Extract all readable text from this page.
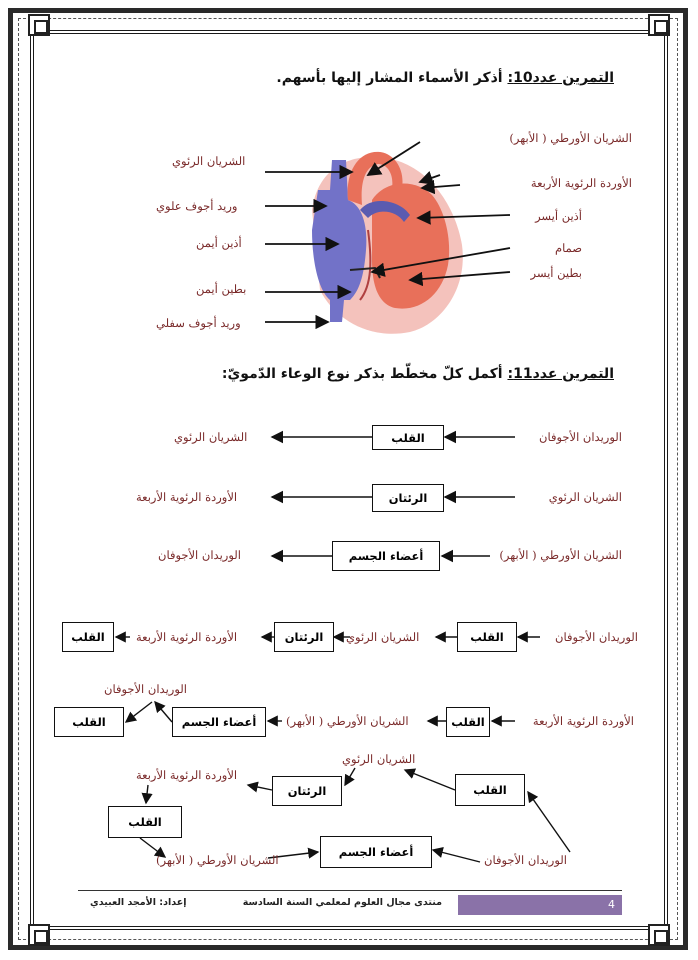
التمرين عدد10: أذكر الأسماء المشار إليها بأسهم.
الشريان الأورطي ( الأبهر)
الأوردة الرئوية الأربعة
أذين أيسر
صمام
بطين أيسر
الشريان الرئوي
وريد أجوف علوي
أذين أيمن
بطين أيمن
وريد أجوف سفلي
التمرين عدد11: أكمل كلّ مخطّط بذكر نوع الوعاء الدّمويّ:
الوريدان الأجوفان
القلب
الشريان الرئوي
الشريان الرئوي
الرئتان
الأوردة الرئوية الأربعة
الشريان الأورطي ( الأبهر)
أعضاء الجسم
الوريدان الأجوفان
الوريدان الأجوفان
القلب
الشريان الرئوي
الرئتان
الأوردة الرئوية الأربعة
القلب
الأوردة الرئوية الأربعة
القلب
الشريان الأورطي ( الأبهر)
أعضاء الجسم
الوريدان الأجوفان
القلب
القلب
الشريان الرئوي
الرئتان
الأوردة الرئوية الأربعة
القلب
الشريان الأورطي ( الأبهر)
أعضاء الجسم
الوريدان الأجوفان
4
منتدى مجال العلوم لمعلمي السنة السادسة
إعداد: الأمجد العبيدي
